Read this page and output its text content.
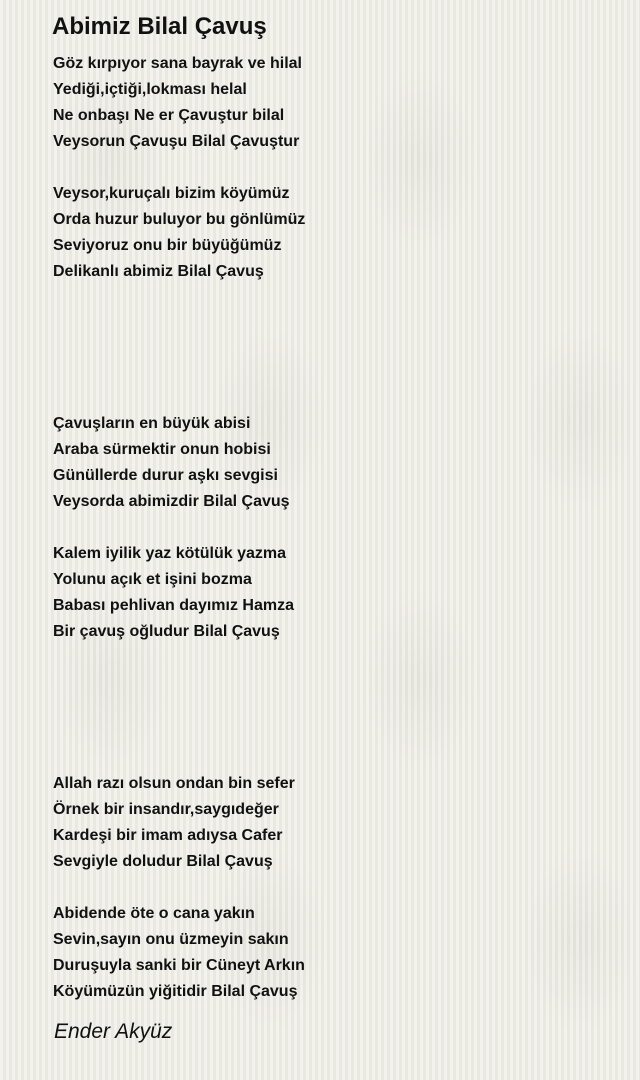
Abimiz Bilal Çavuş
Göz kırpıyor sana bayrak ve hilal
Yediği,içtiği,lokması helal
Ne onbaşı Ne er Çavuştur bilal
Veysorun Çavuşu Bilal Çavuştur
Veysor,kuruçalı bizim köyümüz
Orda huzur buluyor bu gönlümüz
Seviyoruz onu bir büyüğümüz
Delikanlı abimiz Bilal Çavuş
Çavuşların en büyük abisi
Araba sürmektir onun hobisi
Günüllerde durur aşkı sevgisi
Veysorda abimizdir Bilal Çavuş
Kalem iyilik yaz kötülük yazma
Yolunu açık et işini bozma
Babası pehlivan dayımız Hamza
Bir çavuş oğludur Bilal Çavuş
Allah razı olsun ondan bin sefer
Örnek bir insandır,saygıdeğer
Kardeşi bir imam adıysa Cafer
Sevgiyle doludur Bilal Çavuş
Abidende öte o cana yakın
Sevin,sayın onu üzmeyin sakın
Duruşuyla sanki bir Cüneyt Arkın
Köyümüzün yiğitidir Bilal Çavuş
Ender Akyüz
